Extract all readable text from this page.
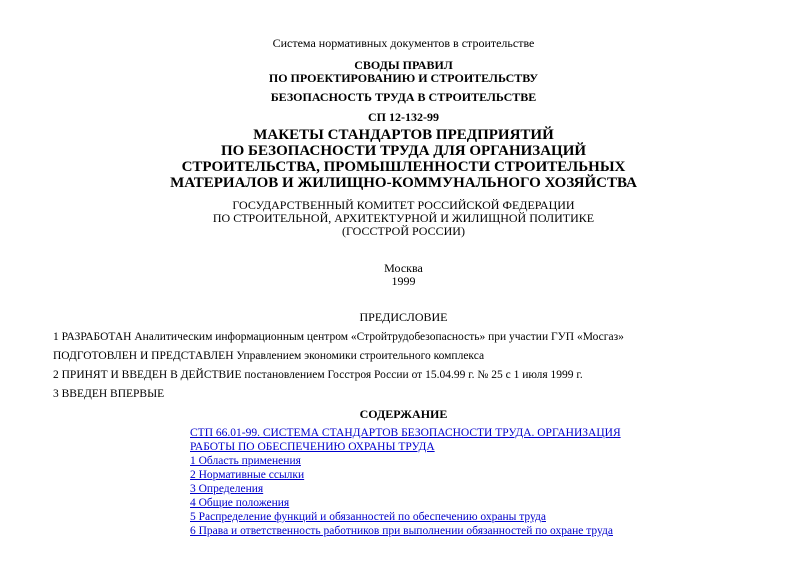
Система нормативных документов в строительстве
СВОДЫ ПРАВИЛ
ПО ПРОЕКТИРОВАНИЮ И СТРОИТЕЛЬСТВУ
БЕЗОПАСНОСТЬ ТРУДА В СТРОИТЕЛЬСТВЕ
СП 12-132-99
МАКЕТЫ СТАНДАРТОВ ПРЕДПРИЯТИЙ
ПО БЕЗОПАСНОСТИ ТРУДА ДЛЯ ОРГАНИЗАЦИЙ
СТРОИТЕЛЬСТВА, ПРОМЫШЛЕННОСТИ СТРОИТЕЛЬНЫХ
МАТЕРИАЛОВ И ЖИЛИЩНО-КОММУНАЛЬНОГО ХОЗЯЙСТВА
ГОСУДАРСТВЕННЫЙ КОМИТЕТ РОССИЙСКОЙ ФЕДЕРАЦИИ
ПО СТРОИТЕЛЬНОЙ, АРХИТЕКТУРНОЙ И ЖИЛИЩНОЙ ПОЛИТИКЕ
(ГОССТРОЙ РОССИИ)
Москва
1999
ПРЕДИСЛОВИЕ
1 РАЗРАБОТАН Аналитическим информационным центром «Стройтрудобезопасность» при участии ГУП «Мосгаз»
ПОДГОТОВЛЕН И ПРЕДСТАВЛЕН Управлением экономики строительного комплекса
2 ПРИНЯТ И ВВЕДЕН В ДЕЙСТВИЕ постановлением Госстроя России от 15.04.99 г. № 25 с 1 июля 1999 г.
3 ВВЕДЕН ВПЕРВЫЕ
СОДЕРЖАНИЕ
СТП 66.01-99. СИСТЕМА СТАНДАРТОВ БЕЗОПАСНОСТИ ТРУДА. ОРГАНИЗАЦИЯ
РАБОТЫ ПО ОБЕСПЕЧЕНИЮ ОХРАНЫ ТРУДА
1 Область применения
2 Нормативные ссылки
3 Определения
4 Общие положения
5 Распределение функций и обязанностей по обеспечению охраны труда
6 Права и ответственность работников при выполнении обязанностей по охране труда
